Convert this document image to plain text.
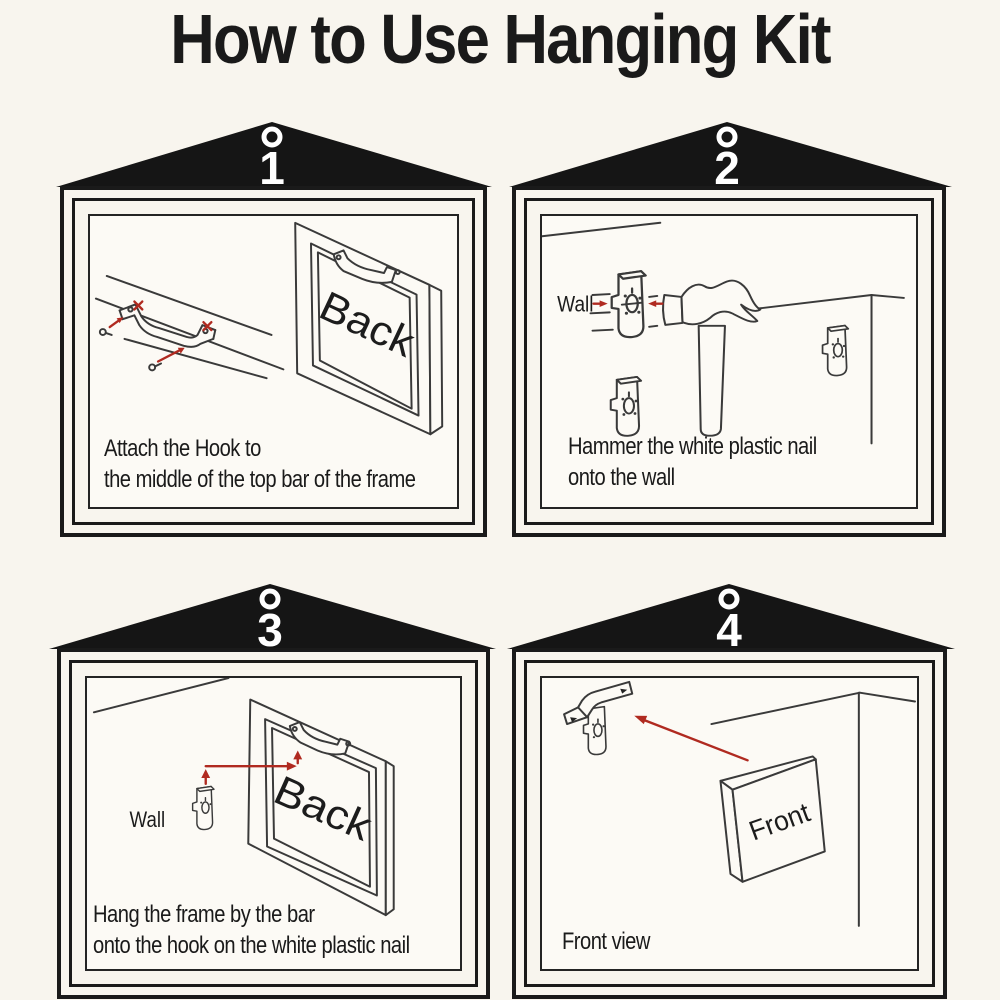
How to Use Hanging Kit
1
Back
Attach the Hook to
the middle of the top bar of the frame
2
Wall
Hammer the white plastic nail
onto the wall
3
Back
Wall
Hang the frame by the bar
onto the hook on the white plastic nail
4
Front
Front view
